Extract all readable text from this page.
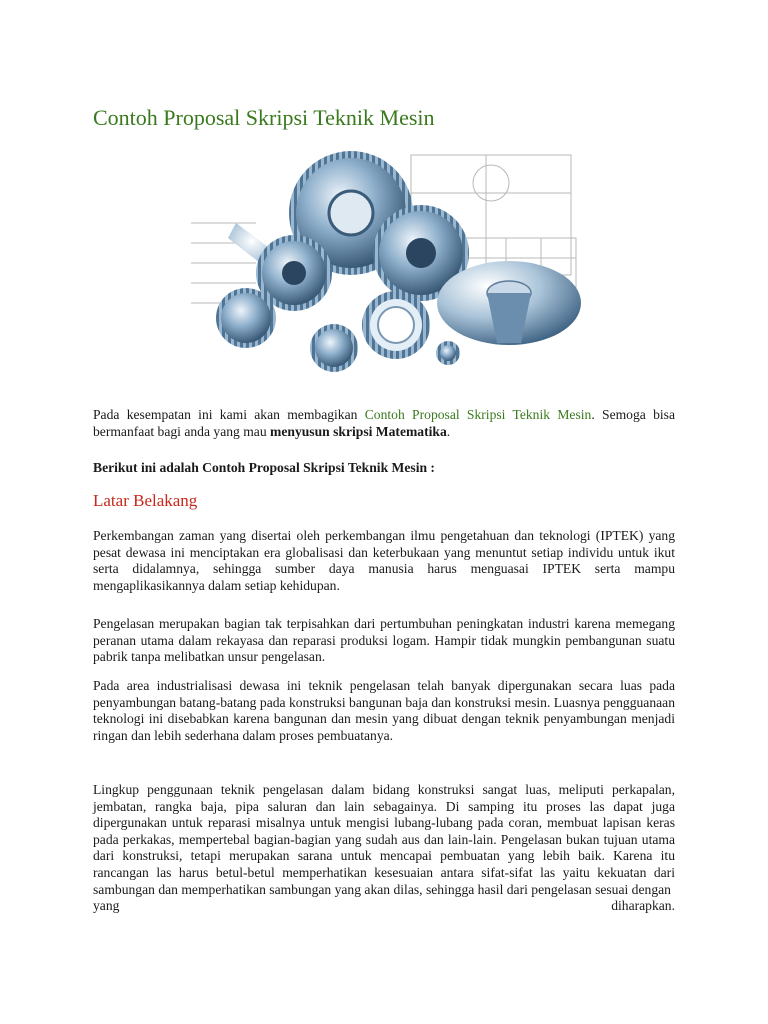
Contoh Proposal Skripsi Teknik Mesin
Pada kesempatan ini kami akan membagikan Contoh Proposal Skripsi Teknik Mesin. Semoga bisa bermanfaat bagi anda yang mau menyusun skripsi Matematika.
Berikut ini adalah Contoh Proposal Skripsi Teknik Mesin :
Latar Belakang
Perkembangan zaman yang disertai oleh perkembangan ilmu pengetahuan dan teknologi (IPTEK) yang pesat dewasa ini menciptakan era globalisasi dan keterbukaan yang menuntut setiap individu untuk ikut serta didalamnya, sehingga sumber daya manusia harus menguasai IPTEK serta mampu mengaplikasikannya dalam setiap kehidupan.
Pengelasan merupakan bagian tak terpisahkan dari pertumbuhan peningkatan industri karena memegang peranan utama dalam rekayasa dan reparasi produksi logam. Hampir tidak mungkin pembangunan suatu pabrik tanpa melibatkan unsur pengelasan.
Pada area industrialisasi dewasa ini teknik pengelasan telah banyak dipergunakan secara luas pada penyambungan batang-batang pada konstruksi bangunan baja dan konstruksi mesin. Luasnya pengguanaan teknologi ini disebabkan karena bangunan dan mesin yang dibuat dengan teknik penyambungan menjadi ringan dan lebih sederhana dalam proses pembuatanya.
Lingkup penggunaan teknik pengelasan dalam bidang konstruksi sangat luas, meliputi perkapalan, jembatan, rangka baja, pipa saluran dan lain sebagainya. Di samping itu proses las dapat juga dipergunakan untuk reparasi misalnya untuk mengisi lubang-lubang pada coran, membuat lapisan keras pada perkakas, mempertebal bagian-bagian yang sudah aus dan lain-lain. Pengelasan bukan tujuan utama dari konstruksi, tetapi merupakan sarana untuk mencapai pembuatan yang lebih baik. Karena itu rancangan las harus betul-betul memperhatikan kesesuaian antara sifat-sifat las yaitu kekuatan dari sambungan dan memperhatikan sambungan yang akan dilas, sehingga hasil dari pengelasan sesuai dengan
yang	diharapkan.
